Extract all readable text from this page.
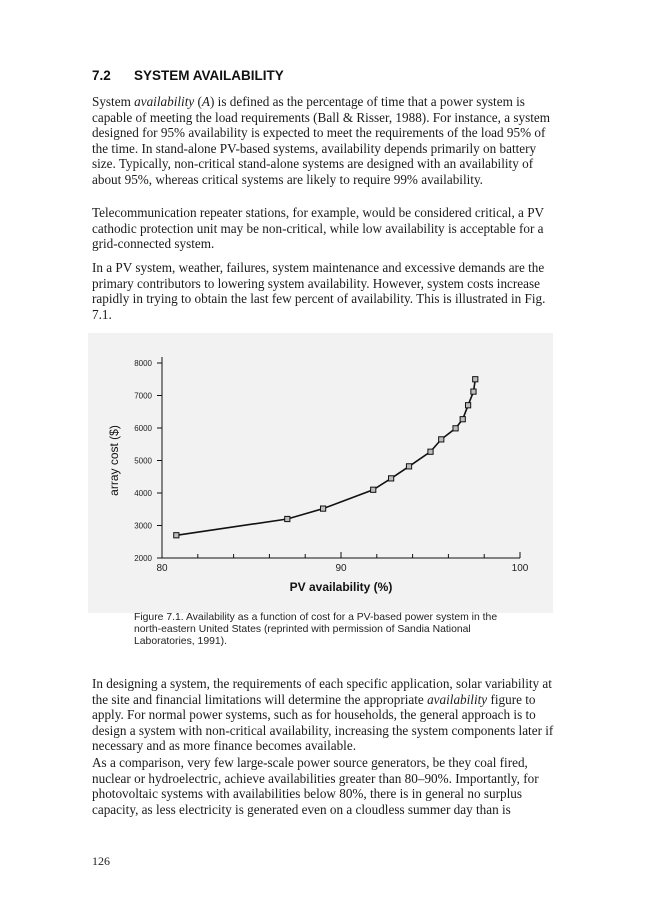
7.2 SYSTEM AVAILABILITY

System availability (A) is defined as the percentage of time that a power system is capable of meeting the load requirements (Ball & Risser, 1988). For instance, a system designed for 95% availability is expected to meet the requirements of the load 95% of the time. In stand-alone PV-based systems, availability depends primarily on battery size. Typically, non-critical stand-alone systems are designed with an availability of about 95%, whereas critical systems are likely to require 99% availability.

Telecommunication repeater stations, for example, would be considered critical, a PV cathodic protection unit may be non-critical, while low availability is acceptable for a grid-connected system.

In a PV system, weather, failures, system maintenance and excessive demands are the primary contributors to lowering system availability. However, system costs increase rapidly in trying to obtain the last few percent of availability. This is illustrated in Fig. 7.1.

2000
3000
4000
5000
6000
7000
8000
80	90	100
PV availability (%)
array cost ($)
Figure 7.1. Availability as a function of cost for a PV-based power system in the north-eastern United States (reprinted with permission of Sandia National Laboratories, 1991).

In designing a system, the requirements of each specific application, solar variability at the site and financial limitations will determine the appropriate availability figure to apply. For normal power systems, such as for households, the general approach is to design a system with non-critical availability, increasing the system components later if necessary and as more finance becomes available.

As a comparison, very few large-scale power source generators, be they coal fired, nuclear or hydroelectric, achieve availabilities greater than 80–90%. Importantly, for photovoltaic systems with availabilities below 80%, there is in general no surplus capacity, as less electricity is generated even on a cloudless summer day than is

126
